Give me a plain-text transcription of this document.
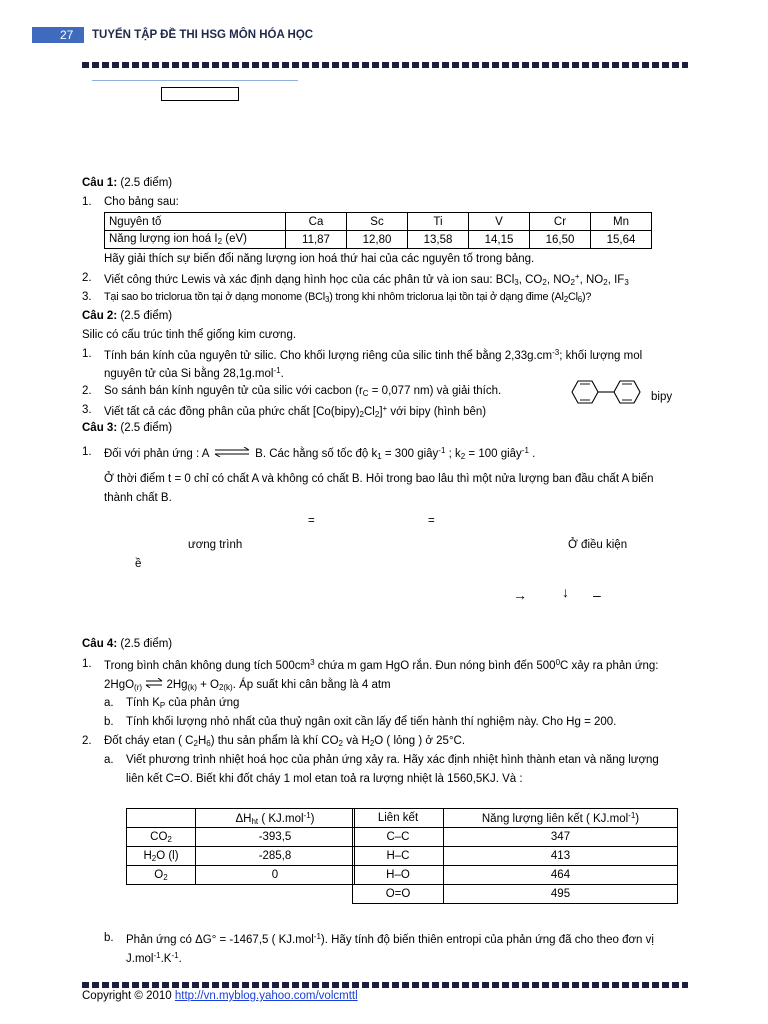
27	TUYỂN TẬP ĐỀ THI HSG MÔN HÓA HỌC
Câu 1: (2.5 điểm)
1. Cho bảng sau:
Nguyên tố	Ca	Sc	Ti	V	Cr	Mn
Năng lượng ion hoá $I_2$ (eV)	11,87	12,80	13,58	14,15	16,50	15,64
Hãy giải thích sự biến đổi năng lượng ion hoá thứ hai của các nguyên tố trong bảng.
2. Viết công thức Lewis và xác định dạng hình học của các phân tử và ion sau: BCl$_3$, $CO_2$, $NO_2^+$, $NO_2$, $IF_3$
3. Tại sao bo triclorua tồn tại ở dạng monome (BCl$_3$) trong khi nhôm triclorua lại tồn tại ở dạng đime $(Al_2Cl_6)$?
Câu 2: (2.5 điểm)
Silic có cấu trúc tinh thể giống kim cương.
1. Tính bán kính của nguyên tử silic. Cho khối lượng riêng của silic tinh thể bằng $2,33g.cm^{-3}$; khối lượng mol
nguyên tử của Si bằng 28,1g.mol$^{-1}$.
2. So sánh bán kính nguyên tử của silic với cacbon ($r_C = 0,077$ nm) và giải thích.
3. Viết tất cả các đồng phân của phức chất $[Co(bipy)_2Cl_2]^+$ với bipy (hình bên)
bipy
Câu 3: (2.5 điểm)
1. Đối với phản ứng : A ⇌ B. Các hằng số tốc độ $k_1 = 300$ giây$^{-1}$ ; $k_2 = 100$ giây$^{-1}$ .
Ở thời điểm t = 0 chỉ có chất A và không có chất B. Hỏi trong bao lâu thì một nửa lượng ban đầu chất A biến
thành chất B.
=	=
ương trình	Ở điều kiện
ề
→	↓ –
Câu 4: (2.5 điểm)
1. Trong bình chân không dung tích $500cm^3$ chứa m gam HgO rắn. Đun nóng bình đến $500^0C$ xảy ra phản ứng:
2HgO$_{(r)}$ ⇌ $2Hg_{(k)} + O_{2(k)}$. Áp suất khi cân bằng là 4 atm
a. Tính $K_P$ của phản ứng
b. Tính khối lượng nhỏ nhất của thuỷ ngân oxit cần lấy để tiến hành thí nghiệm này. Cho Hg = 200.
2. Đốt cháy etan ( $C_2H_6$) thu sản phẩm là khí $CO_2$ và $H_2O$ ( lỏng ) ở 25°C.
a. Viết phương trình nhiệt hoá học của phản ứng xảy ra. Hãy xác định nhiệt hình thành etan và năng lượng
liên kết C=O. Biết khi đốt cháy 1 mol etan toả ra lượng nhiệt là 1560,5KJ. Và :
	$\Delta H_{ht}$ ( KJ.mol$^{-1}$)
$CO_2$	-393,5
$H_2O$ (l)	-285,8
$O_2$	0
Liên kết	Năng lượng liên kết ( KJ.mol$^{-1}$)
C–C	347
H–C	413
H–O	464
O=O	495
b. Phản ứng có ΔG° = -1467,5 ( KJ.mol$^{-1}$). Hãy tính độ biến thiên entropi của phản ứng đã cho theo đơn vị
$J.mol^{-1}.K^{-1}$.
Copyright © 2010 http://vn.myblog.yahoo.com/volcmttl
